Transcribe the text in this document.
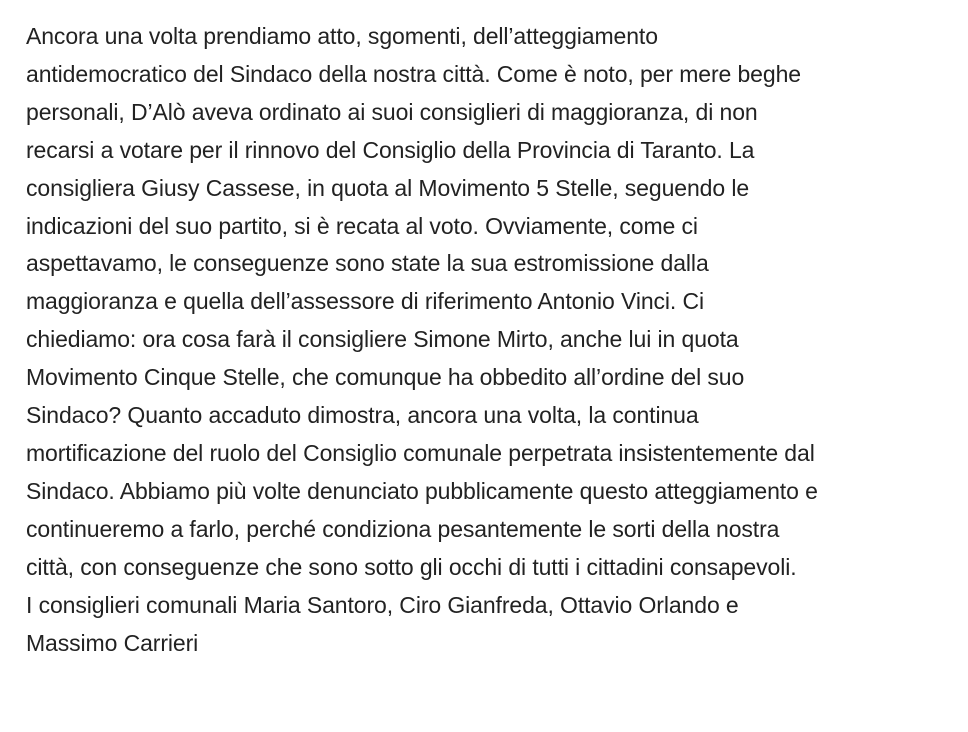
Ancora una volta prendiamo atto, sgomenti, dell’atteggiamento
antidemocratico del Sindaco della nostra città. Come è noto, per mere beghe
personali, D’Alò aveva ordinato ai suoi consiglieri di maggioranza, di non
recarsi a votare per il rinnovo del Consiglio della Provincia di Taranto. La
consigliera Giusy Cassese, in quota al Movimento 5 Stelle, seguendo le
indicazioni del suo partito, si è recata al voto. Ovviamente, come ci
aspettavamo, le conseguenze sono state la sua estromissione dalla
maggioranza e quella dell’assessore di riferimento Antonio Vinci. Ci
chiediamo: ora cosa farà il consigliere Simone Mirto, anche lui in quota
Movimento Cinque Stelle, che comunque ha obbedito all’ordine del suo
Sindaco? Quanto accaduto dimostra, ancora una volta, la continua
mortificazione del ruolo del Consiglio comunale perpetrata insistentemente dal
Sindaco. Abbiamo più volte denunciato pubblicamente questo atteggiamento e
continueremo a farlo, perché condiziona pesantemente le sorti della nostra
città, con conseguenze che sono sotto gli occhi di tutti i cittadini consapevoli.
I consiglieri comunali Maria Santoro, Ciro Gianfreda, Ottavio Orlando e
Massimo Carrieri
